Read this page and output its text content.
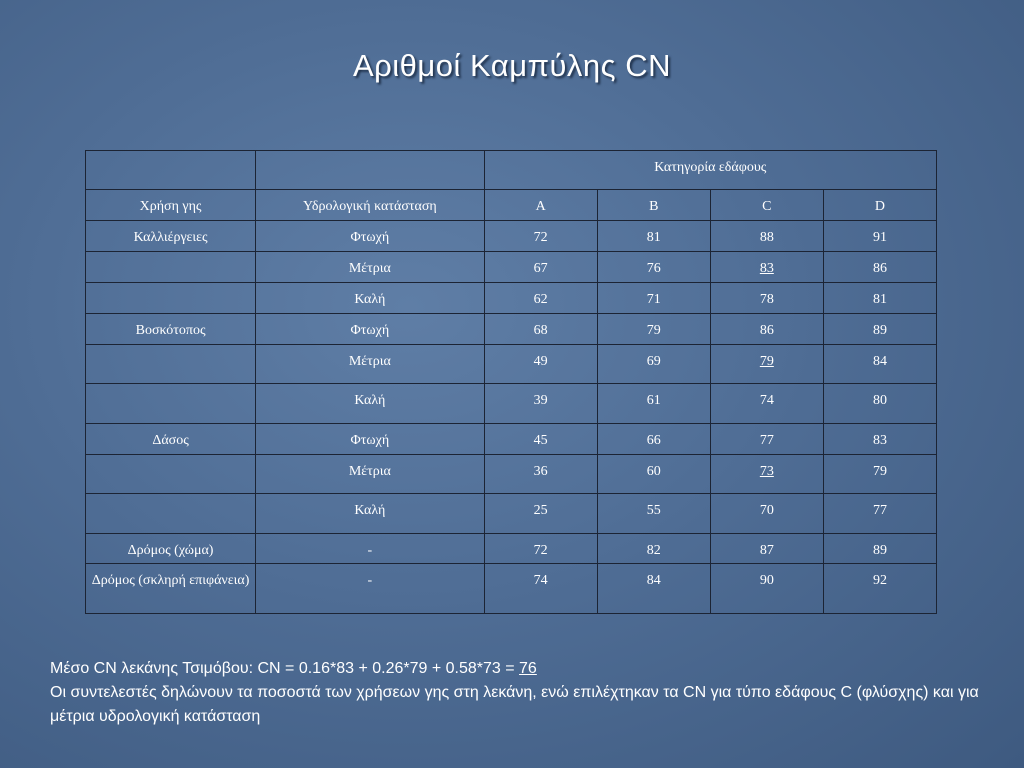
Αριθμοί Καμπύλης CN
		Κατηγορία εδάφους			
Χρήση γης	Υδρολογική κατάσταση	A	B	C	D
Καλλιέργειες	Φτωχή	72	81	88	91
	Μέτρια	67	76	83	86
	Καλή	62	71	78	81
Βοσκότοπος	Φτωχή	68	79	86	89
	Μέτρια	49	69	79	84
	Καλή	39	61	74	80
Δάσος	Φτωχή	45	66	77	83
	Μέτρια	36	60	73	79
	Καλή	25	55	70	77
Δρόμος (χώμα)	-	72	82	87	89
Δρόμος (σκληρή επιφάνεια)	-	74	84	90	92
Μέσο CN λεκάνης Τσιμόβου: CN = 0.16*83 + 0.26*79 + 0.58*73 = 76
Οι συντελεστές δηλώνουν τα ποσοστά των χρήσεων γης στη λεκάνη, ενώ επιλέχτηκαν τα CN για τύπο εδάφους C (φλύσχης) και για μέτρια υδρολογική κατάσταση
